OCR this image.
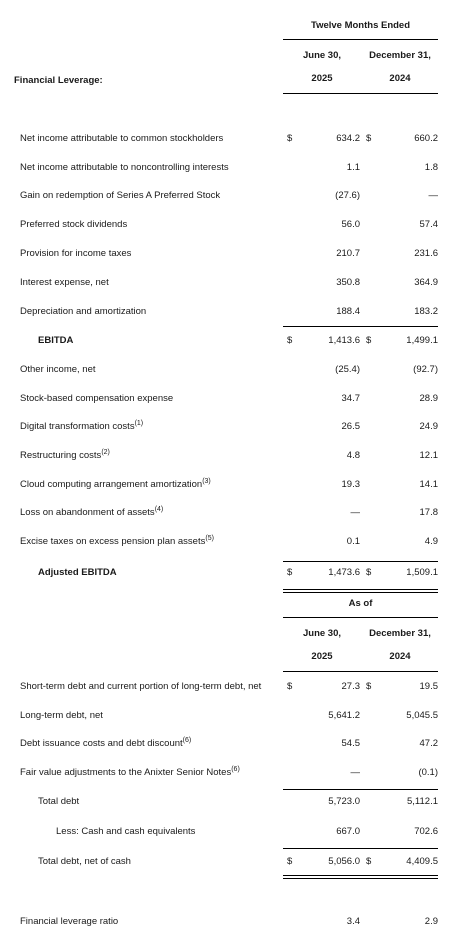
Twelve Months Ended
June 30,	December 31,
Financial Leverage:	2025	2024
Net income attributable to common stockholders	$	634.2 $	660.2
Net income attributable to noncontrolling interests	1.1	1.8
Gain on redemption of Series A Preferred Stock	(27.6)	—
Preferred stock dividends	56.0	57.4
Provision for income taxes	210.7	231.6
Interest expense, net	350.8	364.9
Depreciation and amortization	188.4	183.2
EBITDA	$	1,413.6 $	1,499.1
Other income, net	(25.4)	(92.7)
Stock-based compensation expense	34.7	28.9
Digital transformation costs$^{(1)}$	26.5	24.9
Restructuring costs$^{(2)}$	4.8	12.1
Cloud computing arrangement amortization$^{(3)}$	19.3	14.1
Loss on abandonment of assets$^{(4)}$	—	17.8
Excise taxes on excess pension plan assets$^{(5)}$	0.1	4.9
Adjusted EBITDA	$	1,473.6 $	1,509.1
As of
June 30,	December 31,
2025	2024
Short-term debt and current portion of long-term debt, net	$	27.3 $	19.5
Long-term debt, net	5,641.2	5,045.5
Debt issuance costs and debt discount$^{(6)}$	54.5	47.2
Fair value adjustments to the Anixter Senior Notes$^{(6)}$	—	(0.1)
Total debt	5,723.0	5,112.1
Less: Cash and cash equivalents	667.0	702.6
Total debt, net of cash	$	5,056.0 $	4,409.5
Financial leverage ratio	3.4	2.9
